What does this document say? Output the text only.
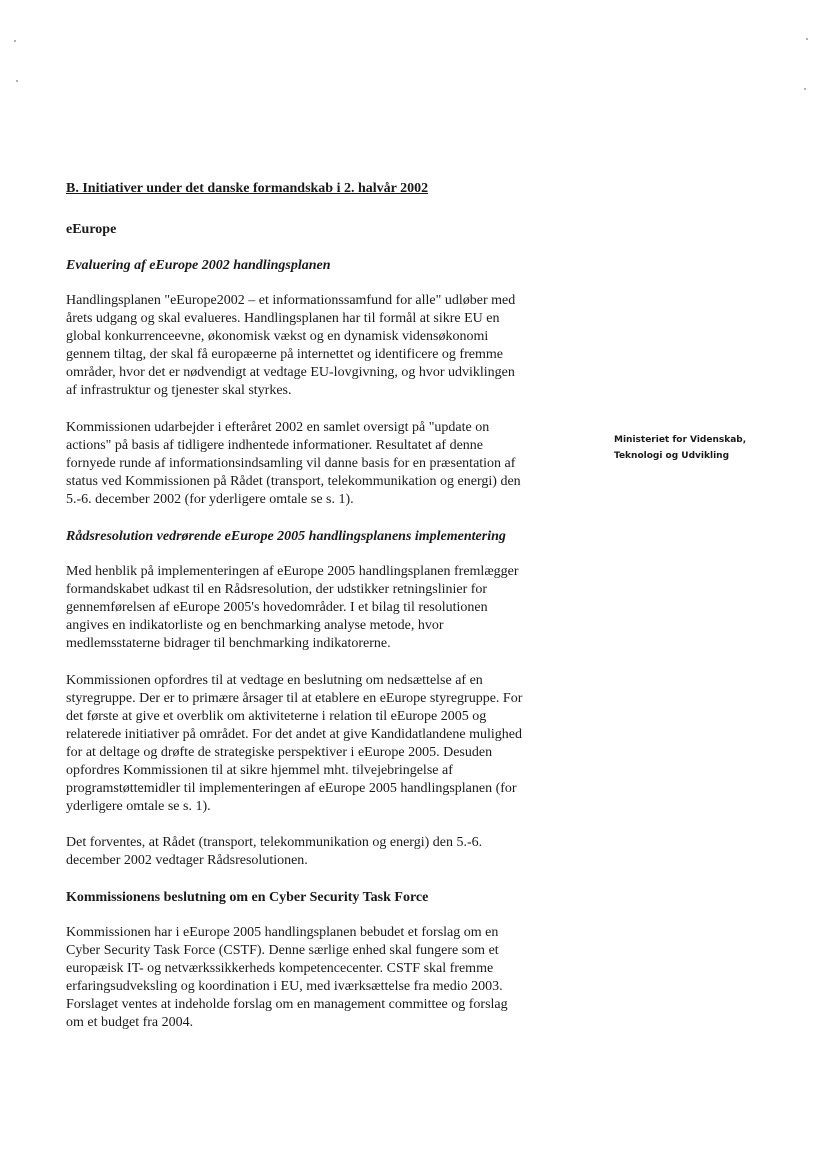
B. Initiativer under det danske formandskab i 2. halvår 2002
eEurope
Evaluering af eEurope 2002 handlingsplanen
Handlingsplanen "eEurope2002 – et informationssamfund for alle" udløber med
årets udgang og skal evalueres. Handlingsplanen har til formål at sikre EU en
global konkurrenceevne, økonomisk vækst og en dynamisk vidensøkonomi
gennem tiltag, der skal få europæerne på internettet og identificere og fremme
områder, hvor det er nødvendigt at vedtage EU-lovgivning, og hvor udviklingen
af infrastruktur og tjenester skal styrkes.
Kommissionen udarbejder i efteråret 2002 en samlet oversigt på "update on
actions" på basis af tidligere indhentede informationer. Resultatet af denne
fornyede runde af informationsindsamling vil danne basis for en præsentation af
status ved Kommissionen på Rådet (transport, telekommunikation og energi) den
5.-6. december 2002 (for yderligere omtale se s. 1).
Rådsresolution vedrørende eEurope 2005 handlingsplanens implementering
Med henblik på implementeringen af eEurope 2005 handlingsplanen fremlægger
formandskabet udkast til en Rådsresolution, der udstikker retningslinier for
gennemførelsen af eEurope 2005's hovedområder. I et bilag til resolutionen
angives en indikatorliste og en benchmarking analyse metode, hvor
medlemsstaterne bidrager til benchmarking indikatorerne.
Kommissionen opfordres til at vedtage en beslutning om nedsættelse af en
styregruppe. Der er to primære årsager til at etablere en eEurope styregruppe. For
det første at give et overblik om aktiviteterne i relation til eEurope 2005 og
relaterede initiativer på området. For det andet at give Kandidatlandene mulighed
for at deltage og drøfte de strategiske perspektiver i eEurope 2005. Desuden
opfordres Kommissionen til at sikre hjemmel mht. tilvejebringelse af
programstøttemidler til implementeringen af eEurope 2005 handlingsplanen (for
yderligere omtale se s. 1).
Det forventes, at Rådet (transport, telekommunikation og energi) den 5.-6.
december 2002 vedtager Rådsresolutionen.
Kommissionens beslutning om en Cyber Security Task Force
Kommissionen har i eEurope 2005 handlingsplanen bebudet et forslag om en
Cyber Security Task Force (CSTF). Denne særlige enhed skal fungere som et
europæisk IT- og netværkssikkerheds kompetencecenter. CSTF skal fremme
erfaringsudveksling og koordination i EU, med iværksættelse fra medio 2003.
Forslaget ventes at indeholde forslag om en management committee og forslag
om et budget fra 2004.
Ministeriet for Videnskab,
Teknologi og Udvikling
